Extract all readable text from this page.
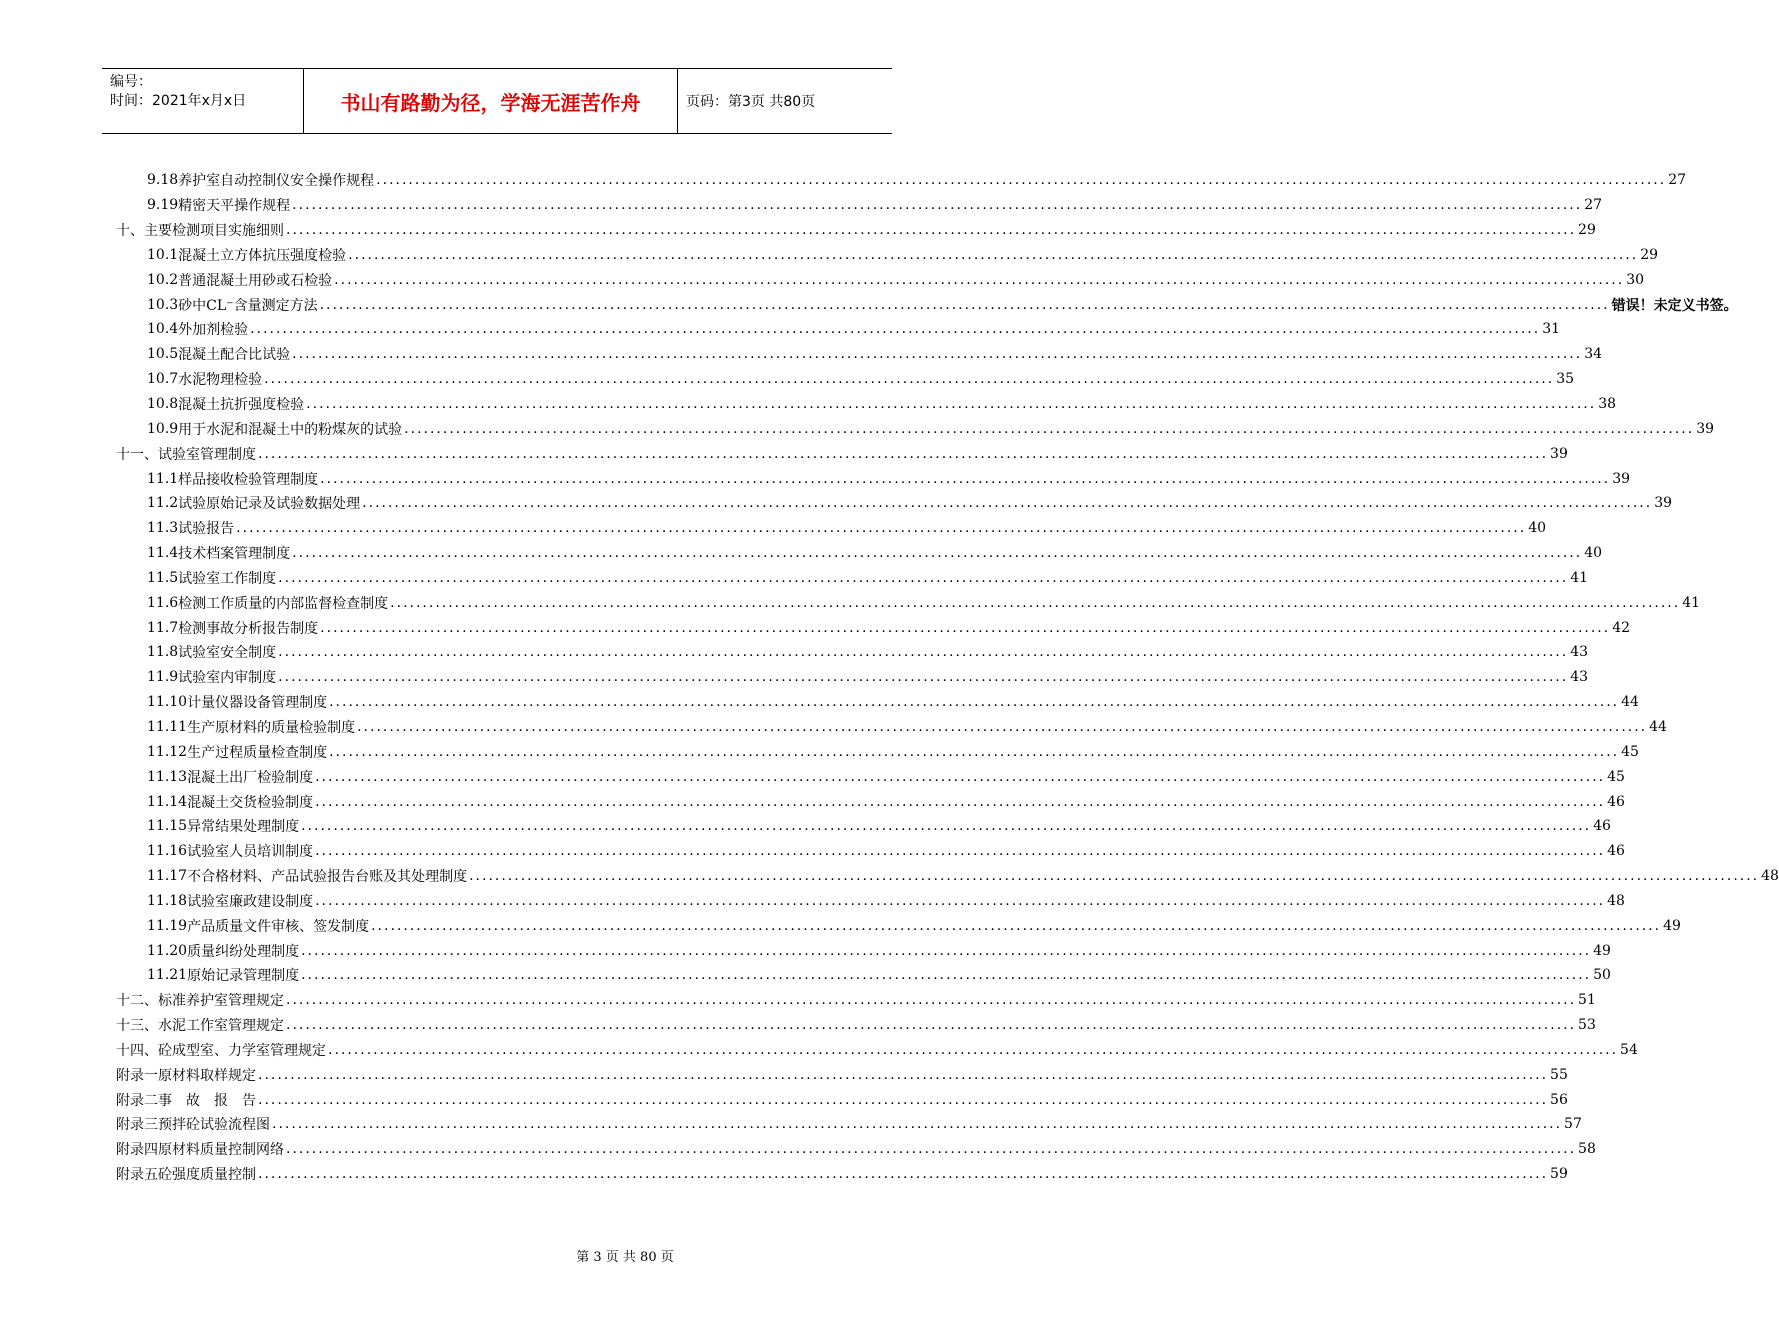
编号：
时间：2021年x月x日	书山有路勤为径，学海无涯苦作舟	页码：第3页 共80页
9.18 养护室自动控制仪安全操作规程 ........................................................................................................................................................................................................ 27
9.19 精密天平操作规程 ........................................................................................................................................................................................................ 27
十、 主要检测项目实施细则 ........................................................................................................................................................................................................ 29
10.1 混凝土立方体抗压强度检验 ........................................................................................................................................................................................................ 29
10.2 普通混凝土用砂或石检验 ........................................................................................................................................................................................................ 30
10.3 砂中CL⁻含量测定方法 ........................................................................................................................................................................................................ 错误！未定义书签。
10.4 外加剂检验 ........................................................................................................................................................................................................ 31
10.5 混凝土配合比试验 ........................................................................................................................................................................................................ 34
10.7 水泥物理检验 ........................................................................................................................................................................................................ 35
10.8 混凝土抗折强度检验 ........................................................................................................................................................................................................ 38
10.9 用于水泥和混凝土中的粉煤灰的试验 ........................................................................................................................................................................................................ 39
十一、 试验室管理制度 ........................................................................................................................................................................................................ 39
11.1 样品接收检验管理制度 ........................................................................................................................................................................................................ 39
11.2 试验原始记录及试验数据处理 ........................................................................................................................................................................................................ 39
11.3 试验报告 ........................................................................................................................................................................................................ 40
11.4 技术档案管理制度 ........................................................................................................................................................................................................ 40
11.5 试验室工作制度 ........................................................................................................................................................................................................ 41
11.6 检测工作质量的内部监督检查制度 ........................................................................................................................................................................................................ 41
11.7 检测事故分析报告制度 ........................................................................................................................................................................................................ 42
11.8 试验室安全制度 ........................................................................................................................................................................................................ 43
11.9 试验室内审制度 ........................................................................................................................................................................................................ 43
11.10 计量仪器设备管理制度 ........................................................................................................................................................................................................ 44
11.11 生产原材料的质量检验制度 ........................................................................................................................................................................................................ 44
11.12 生产过程质量检查制度 ........................................................................................................................................................................................................ 45
11.13 混凝土出厂检验制度 ........................................................................................................................................................................................................ 45
11.14 混凝土交货检验制度 ........................................................................................................................................................................................................ 46
11.15 异常结果处理制度 ........................................................................................................................................................................................................ 46
11.16 试验室人员培训制度 ........................................................................................................................................................................................................ 46
11.17 不合格材料、产品试验报告台账及其处理制度 ........................................................................................................................................................................................................ 48
11.18 试验室廉政建设制度 ........................................................................................................................................................................................................ 48
11.19 产品质量文件审核、签发制度 ........................................................................................................................................................................................................ 49
11.20 质量纠纷处理制度 ........................................................................................................................................................................................................ 49
11.21 原始记录管理制度 ........................................................................................................................................................................................................ 50
十二、 标准养护室管理规定 ........................................................................................................................................................................................................ 51
十三、 水泥工作室管理规定 ........................................................................................................................................................................................................ 53
十四、 砼成型室、力学室管理规定 ........................................................................................................................................................................................................ 54
附录一 原材料取样规定 ........................................................................................................................................................................................................ 55
附录二 事　故　报　告 ........................................................................................................................................................................................................ 56
附录三 预拌砼试验流程图 ........................................................................................................................................................................................................ 57
附录四 原材料质量控制网络 ........................................................................................................................................................................................................ 58
附录五 砼强度质量控制 ........................................................................................................................................................................................................ 59
第 3 页 共 80 页
